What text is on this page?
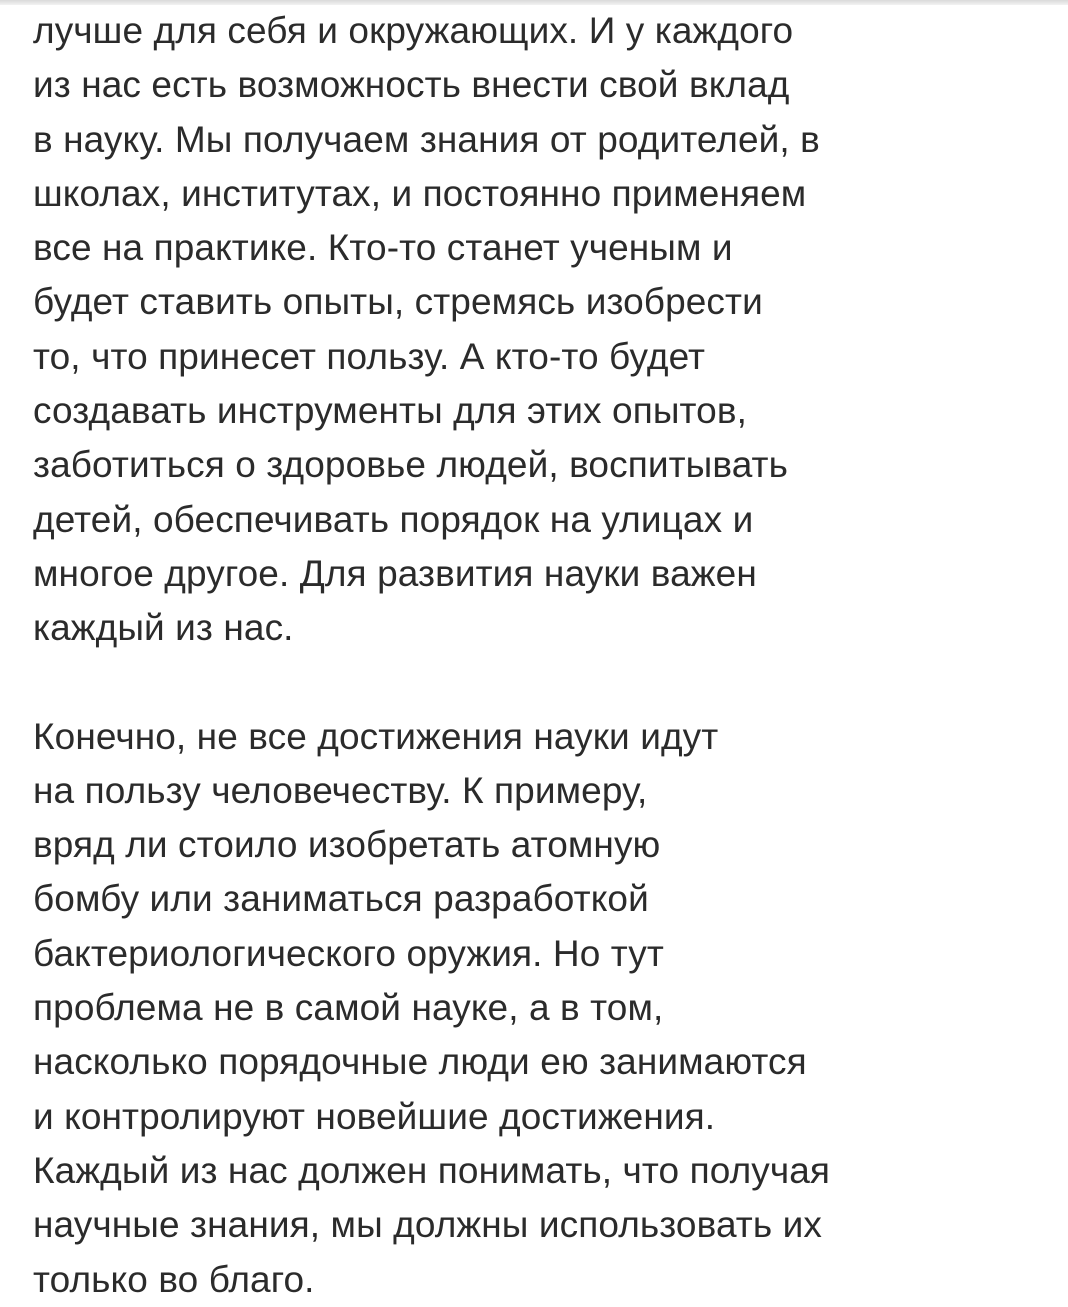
лучше для себя и окружающих. И у каждого
из нас есть возможность внести свой вклад
в науку. Мы получаем знания от родителей, в
школах, институтах, и постоянно применяем
все на практике. Кто-то станет ученым и
будет ставить опыты, стремясь изобрести
то, что принесет пользу. А кто-то будет
создавать инструменты для этих опытов,
заботиться о здоровье людей, воспитывать
детей, обеспечивать порядок на улицах и
многое другое. Для развития науки важен
каждый из нас.

Конечно, не все достижения науки идут
на пользу человечеству. К примеру,
вряд ли стоило изобретать атомную
бомбу или заниматься разработкой
бактериологического оружия. Но тут
проблема не в самой науке, а в том,
насколько порядочные люди ею занимаются
и контролируют новейшие достижения.
Каждый из нас должен понимать, что получая
научные знания, мы должны использовать их
только во благо.
